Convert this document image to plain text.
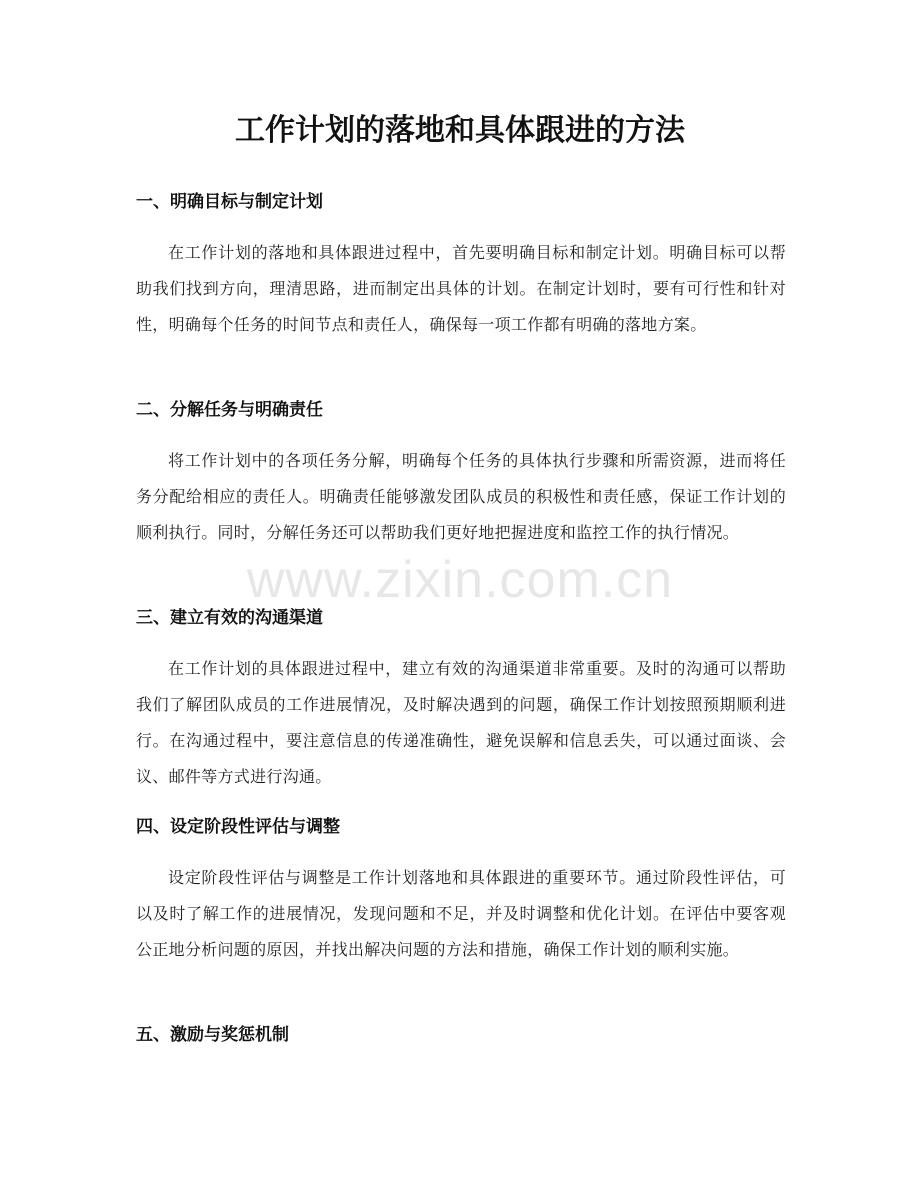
工作计划的落地和具体跟进的方法
一、明确目标与制定计划

在工作计划的落地和具体跟进过程中，首先要明确目标和制定计划。明确目标可以帮助我们找到方向，理清思路，进而制定出具体的计划。在制定计划时，要有可行性和针对性，明确每个任务的时间节点和责任人，确保每一项工作都有明确的落地方案。

二、分解任务与明确责任

将工作计划中的各项任务分解，明确每个任务的具体执行步骤和所需资源，进而将任务分配给相应的责任人。明确责任能够激发团队成员的积极性和责任感，保证工作计划的顺利执行。同时，分解任务还可以帮助我们更好地把握进度和监控工作的执行情况。

三、建立有效的沟通渠道

在工作计划的具体跟进过程中，建立有效的沟通渠道非常重要。及时的沟通可以帮助我们了解团队成员的工作进展情况，及时解决遇到的问题，确保工作计划按照预期顺利进行。在沟通过程中，要注意信息的传递准确性，避免误解和信息丢失，可以通过面谈、会议、邮件等方式进行沟通。

四、设定阶段性评估与调整

设定阶段性评估与调整是工作计划落地和具体跟进的重要环节。通过阶段性评估，可以及时了解工作的进展情况，发现问题和不足，并及时调整和优化计划。在评估中要客观公正地分析问题的原因，并找出解决问题的方法和措施，确保工作计划的顺利实施。

五、激励与奖惩机制
www.zixin.com.cn
